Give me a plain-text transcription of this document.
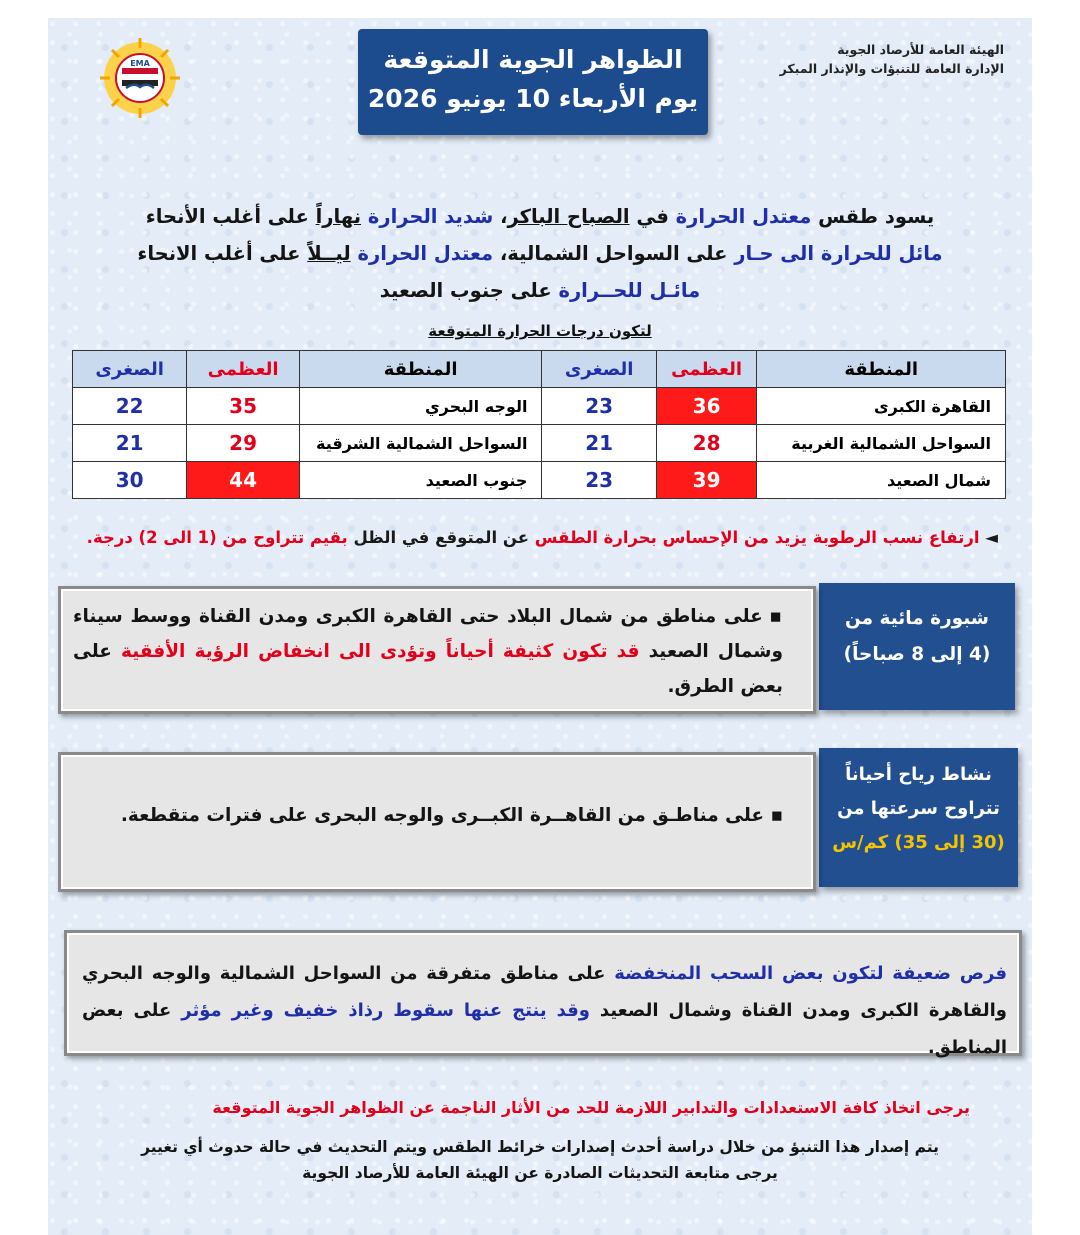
الهيئة العامة للأرصاد الجوية
الإدارة العامة للتنبؤات والإنذار المبكر
EMA	الظواهر الجوية المتوقعة
يوم الأربعاء 10 يونيو 2026
يسود طقس معتدل الحرارة في الصباح الباكر، شديد الحرارة نهاراً على أغلب الأنحاء
مائل للحرارة الى حـار على السواحل الشمالية، معتدل الحرارة ليــلاً على أغلب الانحاء
مائـل للحــرارة على جنوب الصعيد
لتكون درجات الحرارة المتوقعة
المنطقة	العظمى	الصغرى	المنطقة	العظمى	الصغرى
القاهرة الكبرى	36	23	الوجه البحري	35	22
السواحل الشمالية الغربية	28	21	السواحل الشمالية الشرقية	29	21
شمال الصعيد	39	23	جنوب الصعيد	44	30
◄ ارتفاع نسب الرطوبة يزيد من الإحساس بحرارة الطقس عن المتوقع في الظل بقيم تتراوح من (1 الى 2) درجة.
شبورة مائية من
(4 إلى 8 صباحاً)
▪ على مناطق من شمال البلاد حتى القاهرة الكبرى ومدن القناة ووسط سيناء وشمال الصعيد قد تكون كثيفة أحياناً وتؤدى الى انخفاض الرؤية الأفقية على بعض الطرق.
نشاط رياح أحياناً
تتراوح سرعتها من
(30 إلى 35) كم/س
▪ على مناطـق من القاهــرة الكبــرى والوجه البحرى على فترات متقطعة.
فرص ضعيفة لتكون بعض السحب المنخفضة على مناطق متفرقة من السواحل الشمالية والوجه البحري والقاهرة الكبرى ومدن القناة وشمال الصعيد وقد ينتج عنها سقوط رذاذ خفيف وغير مؤثر على بعض المناطق.
يرجى اتخاذ كافة الاستعدادات والتدابير اللازمة للحد من الأثار الناجمة عن الظواهر الجوية المتوقعة
يتم إصدار هذا التنبؤ من خلال دراسة أحدث إصدارات خرائط الطقس ويتم التحديث في حالة حدوث أي تغيير
يرجى متابعة التحديثات الصادرة عن الهيئة العامة للأرصاد الجوية
